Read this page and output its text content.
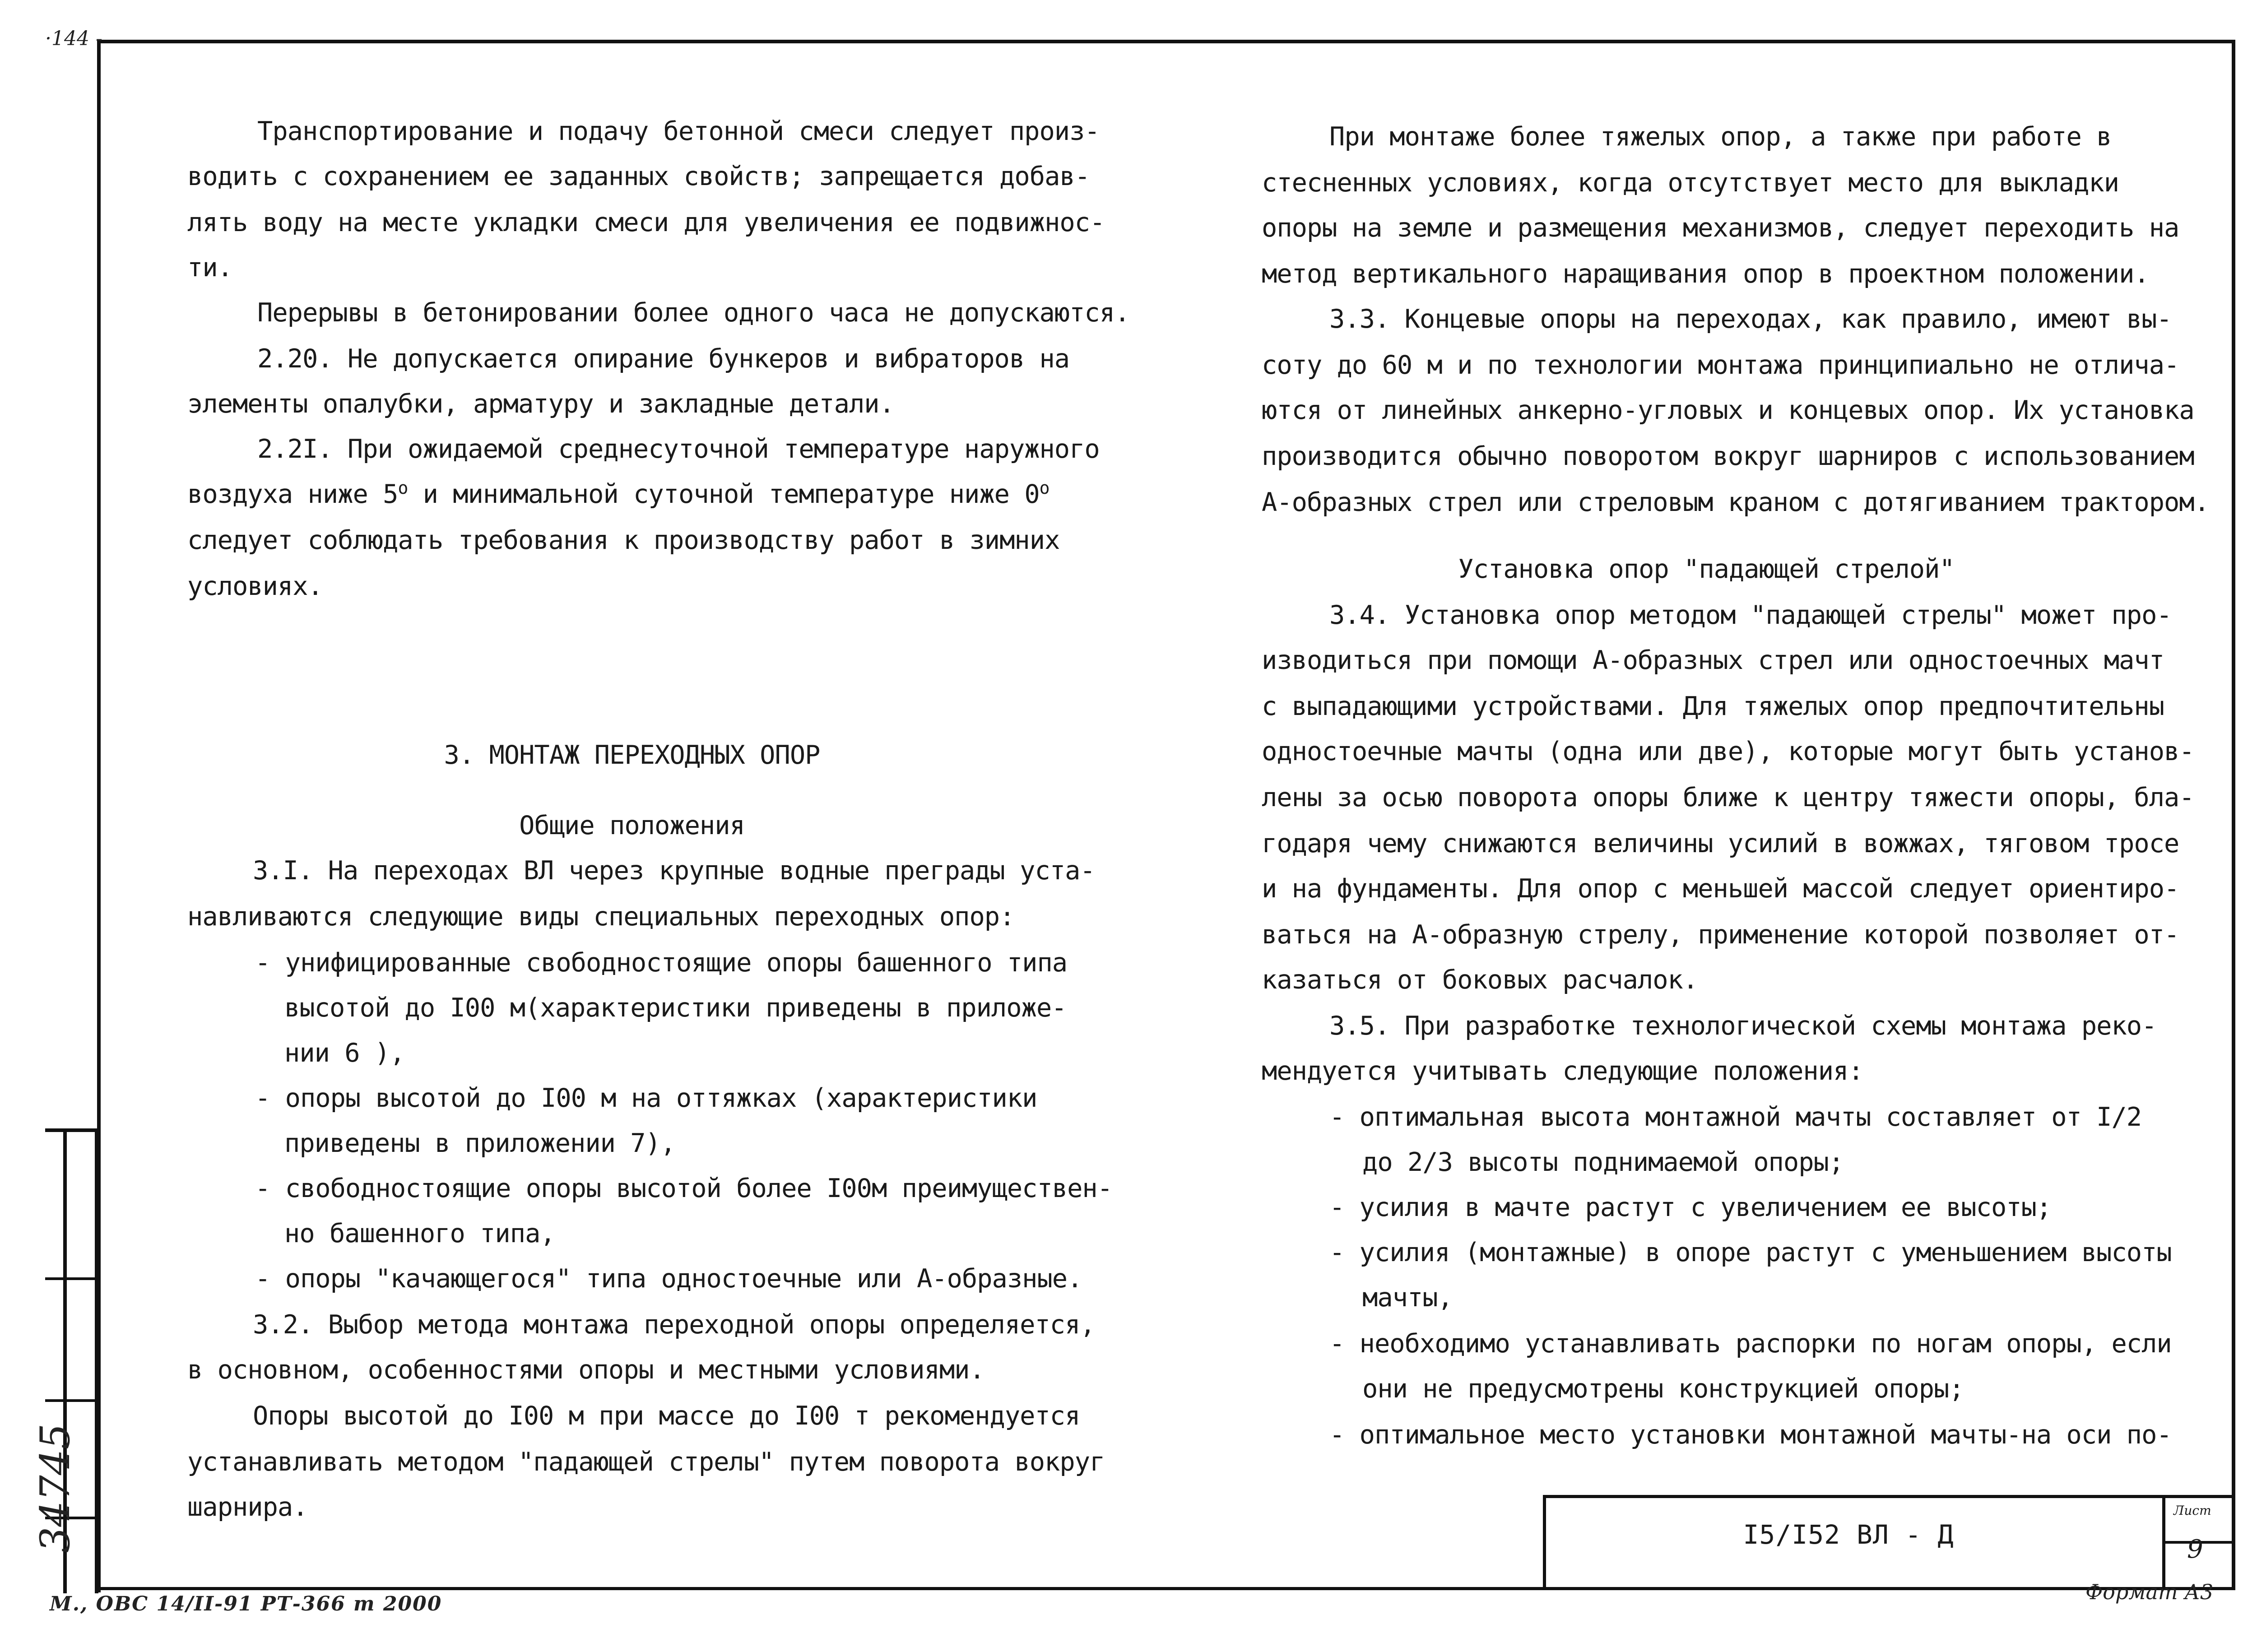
·144 -
Транспортирование и подачу бетонной смеси следует произ-
водить с сохранением ее заданных свойств; запрещается добав-
лять воду на месте укладки смеси для увеличения ее подвижнос-
ти.
Перерывы в бетонировании более одного часа не допускаются.
2.20. Не допускается опирание бункеров и вибраторов на
элементы опалубки, арматуру и закладные детали.
2.2I. При ожидаемой среднесуточной температуре наружного
воздуха ниже $5^о$ и минимальной суточной температуре ниже $0^о$
следует соблюдать требования к производству работ в зимних
условиях.
3. МОНТАЖ ПЕРЕХОДНЫХ ОПОР
Общие положения
3.I. На переходах ВЛ через крупные водные преграды уста-
навливаются следующие виды специальных переходных опор:
- унифицированные свободностоящие опоры башенного типа
высотой до I00 м(характеристики приведены в приложе-
нии 6 ),
- опоры высотой до I00 м на оттяжках (характеристики
приведены в приложении 7),
- свободностоящие опоры высотой более I00м преимуществен-
но башенного типа,
- опоры "качающегося" типа одностоечные или А-образные.
3.2. Выбор метода монтажа переходной опоры определяется,
в основном, особенностями опоры и местными условиями.
Опоры высотой до I00 м при массе до I00 т рекомендуется
устанавливать методом "падающей стрелы" путем поворота вокруг
шарнира.
При монтаже более тяжелых опор, а также при работе в
стесненных условиях, когда отсутствует место для выкладки
опоры на земле и размещения механизмов, следует переходить на
метод вертикального наращивания опор в проектном положении.
3.3. Концевые опоры на переходах, как правило, имеют вы-
соту до 60 м и по технологии монтажа принципиально не отлича-
ются от линейных анкерно-угловых и концевых опор. Их установка
производится обычно поворотом вокруг шарниров с использованием
А-образных стрел или стреловым краном с дотягиванием трактором.
Установка опор "падающей стрелой"
3.4. Установка опор методом "падающей стрелы" может про-
изводиться при помощи А-образных стрел или одностоечных мачт
с выпадающими устройствами. Для тяжелых опор предпочтительны
одностоечные мачты (одна или две), которые могут быть установ-
лены за осью поворота опоры ближе к центру тяжести опоры, бла-
годаря чему снижаются величины усилий в вожжах, тяговом тросе
и на фундаменты. Для опор с меньшей массой следует ориентиро-
ваться на А-образную стрелу, применение которой позволяет от-
казаться от боковых расчалок.
3.5. При разработке технологической схемы монтажа реко-
мендуется учитывать следующие положения:
- оптимальная высота монтажной мачты составляет от I/2
до 2/3 высоты поднимаемой опоры;
- усилия в мачте растут с увеличением ее высоты;
- усилия (монтажные) в опоре растут с уменьшением высоты
мачты,
- необходимо устанавливать распорки по ногам опоры, если
они не предусмотрены конструкцией опоры;
- оптимальное место установки монтажной мачты-на оси по-
I5/I52 ВЛ - Д
Лист
9
34745
М., ОВС 14/II-91 РТ-366 т 2000	Формат А3
